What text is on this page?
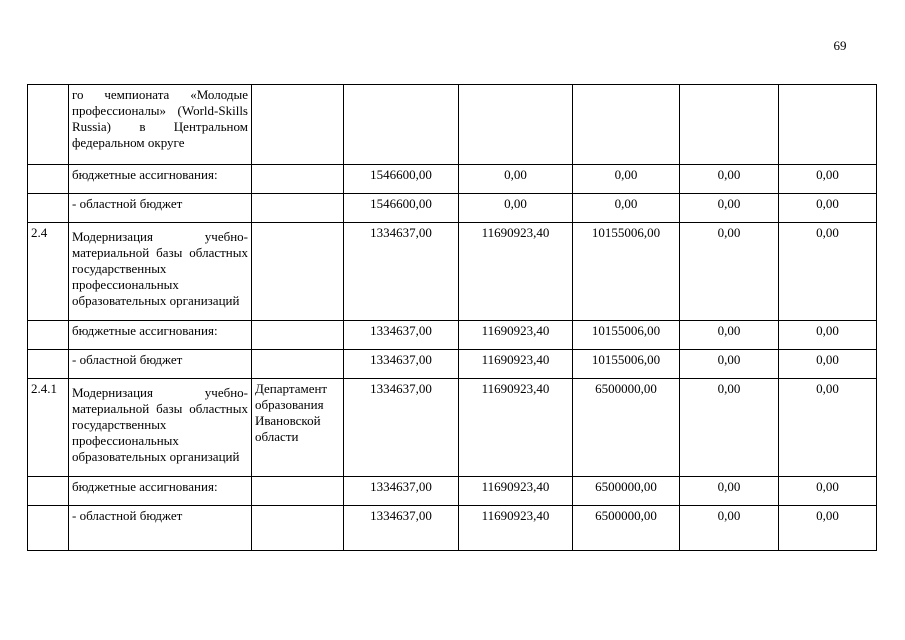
69
	го чемпионата «Молодые профессионалы» (World-Skills Russia) в Центральном федеральном округе						
	бюджетные ассигнования:		1546600,00	0,00	0,00	0,00	0,00
	- областной бюджет		1546600,00	0,00	0,00	0,00	0,00
2.4	Модернизация учебно-материальной базы областных государственных профессиональных образовательных организаций		1334637,00	11690923,40	10155006,00	0,00	0,00
	бюджетные ассигнования:		1334637,00	11690923,40	10155006,00	0,00	0,00
	- областной бюджет		1334637,00	11690923,40	10155006,00	0,00	0,00
2.4.1	Модернизация учебно-материальной базы областных государственных профессиональных образовательных организаций	Департамент образования Ивановской области	1334637,00	11690923,40	6500000,00	0,00	0,00
	бюджетные ассигнования:		1334637,00	11690923,40	6500000,00	0,00	0,00
	- областной бюджет		1334637,00	11690923,40	6500000,00	0,00	0,00
